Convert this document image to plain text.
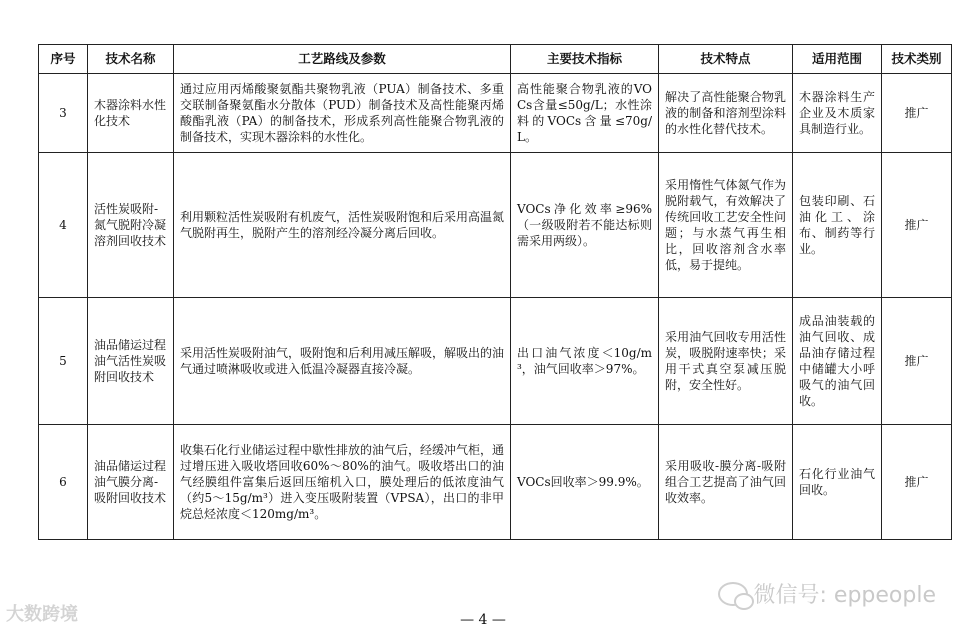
序号	技术名称	工艺路线及参数	主要技术指标	技术特点	适用范围	技术类别
3	木器涂料水性化技术	通过应用丙烯酸聚氨酯共聚物乳液（PUA）制备技术、多重交联制备聚氨酯水分散体（PUD）制备技术及高性能聚丙烯酸酯乳液（PA）的制备技术，形成系列高性能聚合物乳液的制备技术，实现木器涂料的水性化。	高性能聚合物乳液的VOCs含量≤50g/L；水性涂料的VOCs含量≤70g/L。	解决了高性能聚合物乳液的制备和溶剂型涂料的水性化替代技术。	木器涂料生产企业及木质家具制造行业。	推广
4	活性炭吸附-氮气脱附冷凝溶剂回收技术	利用颗粒活性炭吸附有机废气，活性炭吸附饱和后采用高温氮气脱附再生，脱附产生的溶剂经冷凝分离后回收。	VOCs净化效率≥96%（一级吸附若不能达标则需采用两级）。	采用惰性气体氮气作为脱附载气，有效解决了传统回收工艺安全性问题；与水蒸气再生相比，回收溶剂含水率低，易于提纯。	包装印刷、石油化工、涂布、制药等行业。	推广
5	油品储运过程油气活性炭吸附回收技术	采用活性炭吸附油气，吸附饱和后利用减压解吸，解吸出的油气通过喷淋吸收或进入低温冷凝器直接冷凝。	出口油气浓度＜10g/m³，油气回收率＞97%。	采用油气回收专用活性炭，吸脱附速率快；采用干式真空泵减压脱附，安全性好。	成品油装载的油气回收、成品油存储过程中储罐大小呼吸气的油气回收。	推广
6	油品储运过程油气膜分离-吸附回收技术	收集石化行业储运过程中歇性排放的油气后，经缓冲气柜，通过增压进入吸收塔回收60%～80%的油气。吸收塔出口的油气经膜组件富集后返回压缩机入口，膜处理后的低浓度油气（约5～15g/m³）进入变压吸附装置（VPSA），出口的非甲烷总烃浓度＜120mg/m³。	VOCs回收率＞99.9%。	采用吸收-膜分离-吸附组合工艺提高了油气回收效率。	石化行业油气回收。	推广
微信号: eppeople
大数跨境	— 4 —
